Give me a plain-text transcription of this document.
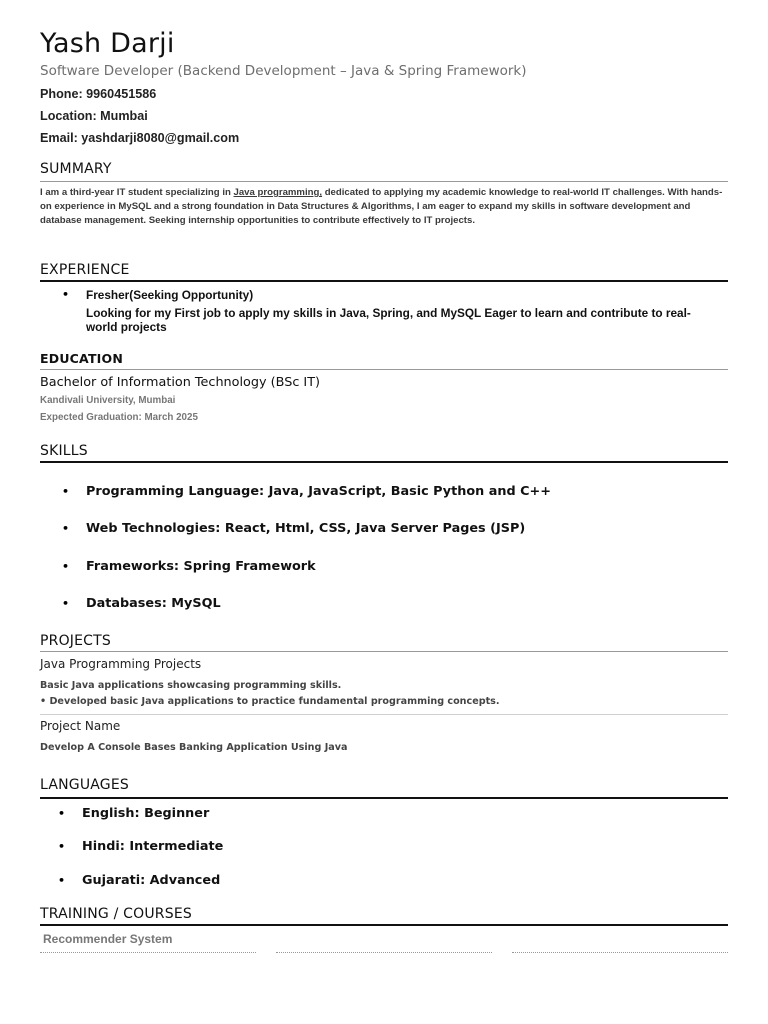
Yash Darji
Software Developer (Backend Development – Java & Spring Framework)
Phone: 9960451586
Location: Mumbai
Email: yashdarji8080@gmail.com
SUMMARY
I am a third-year IT student specializing in Java programming, dedicated to applying my academic knowledge to real-world IT challenges. With hands-on experience in MySQL and a strong foundation in Data Structures & Algorithms, I am eager to expand my skills in software development and database management. Seeking internship opportunities to contribute effectively to IT projects.
EXPERIENCE
• Fresher(Seeking Opportunity)
Looking for my First job to apply my skills in Java, Spring, and MySQL Eager to learn and contribute to real-world projects
EDUCATION
Bachelor of Information Technology (BSc IT)
Kandivali University, Mumbai
Expected Graduation: March 2025
SKILLS
• Programming Language: Java, JavaScript, Basic Python and C++
• Web Technologies: React, Html, CSS, Java Server Pages (JSP)
• Frameworks: Spring Framework
• Databases: MySQL
PROJECTS
Java Programming Projects
Basic Java applications showcasing programming skills.
• Developed basic Java applications to practice fundamental programming concepts.
Project Name
Develop A Console Bases Banking Application Using Java
LANGUAGES
• English: Beginner
• Hindi: Intermediate
• Gujarati: Advanced
TRAINING / COURSES
Recommender System
